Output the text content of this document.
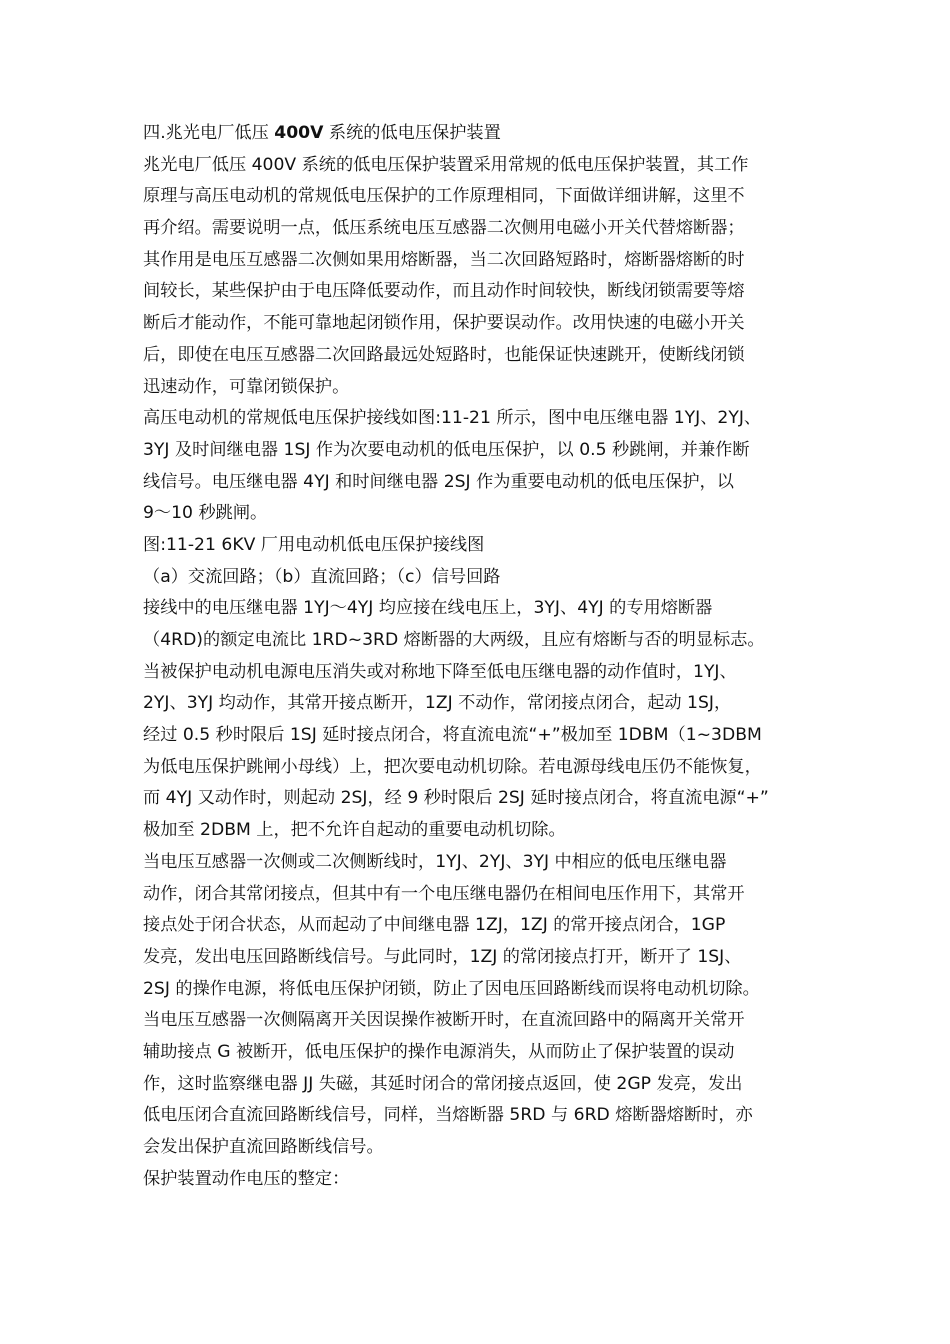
四.兆光电厂低压 400V 系统的低电压保护装置
兆光电厂低压 400V 系统的低电压保护装置采用常规的低电压保护装置，其工作
原理与高压电动机的常规低电压保护的工作原理相同，下面做详细讲解，这里不
再介绍。需要说明一点，低压系统电压互感器二次侧用电磁小开关代替熔断器；
其作用是电压互感器二次侧如果用熔断器，当二次回路短路时，熔断器熔断的时
间较长，某些保护由于电压降低要动作，而且动作时间较快，断线闭锁需要等熔
断后才能动作，不能可靠地起闭锁作用，保护要误动作。改用快速的电磁小开关
后，即使在电压互感器二次回路最远处短路时，也能保证快速跳开，使断线闭锁
迅速动作，可靠闭锁保护。
高压电动机的常规低电压保护接线如图:11-21 所示，图中电压继电器 1YJ、2YJ、
3YJ 及时间继电器 1SJ 作为次要电动机的低电压保护，以 0.5 秒跳闸，并兼作断
线信号。电压继电器 4YJ 和时间继电器 2SJ 作为重要电动机的低电压保护，以
9～10 秒跳闸。
图:11-21 6KV 厂用电动机低电压保护接线图
（a）交流回路；（b）直流回路；（c）信号回路
接线中的电压继电器 1YJ～4YJ 均应接在线电压上，3YJ、4YJ 的专用熔断器
（4RD)的额定电流比 1RD~3RD 熔断器的大两级，且应有熔断与否的明显标志。
当被保护电动机电源电压消失或对称地下降至低电压继电器的动作值时，1YJ、
2YJ、3YJ 均动作，其常开接点断开，1ZJ 不动作，常闭接点闭合，起动 1SJ，
经过 0.5 秒时限后 1SJ 延时接点闭合，将直流电流“+”极加至 1DBM（1~3DBM
为低电压保护跳闸小母线）上，把次要电动机切除。若电源母线电压仍不能恢复，
而 4YJ 又动作时，则起动 2SJ，经 9 秒时限后 2SJ 延时接点闭合，将直流电源“+”
极加至 2DBM 上，把不允许自起动的重要电动机切除。
当电压互感器一次侧或二次侧断线时，1YJ、2YJ、3YJ 中相应的低电压继电器
动作，闭合其常闭接点，但其中有一个电压继电器仍在相间电压作用下，其常开
接点处于闭合状态，从而起动了中间继电器 1ZJ，1ZJ 的常开接点闭合，1GP
发亮，发出电压回路断线信号。与此同时，1ZJ 的常闭接点打开，断开了 1SJ、
2SJ 的操作电源，将低电压保护闭锁，防止了因电压回路断线而误将电动机切除。
当电压互感器一次侧隔离开关因误操作被断开时，在直流回路中的隔离开关常开
辅助接点 G 被断开，低电压保护的操作电源消失，从而防止了保护装置的误动
作，这时监察继电器 JJ 失磁，其延时闭合的常闭接点返回，使 2GP 发亮，发出
低电压闭合直流回路断线信号，同样，当熔断器 5RD 与 6RD 熔断器熔断时，亦
会发出保护直流回路断线信号。
保护装置动作电压的整定：
